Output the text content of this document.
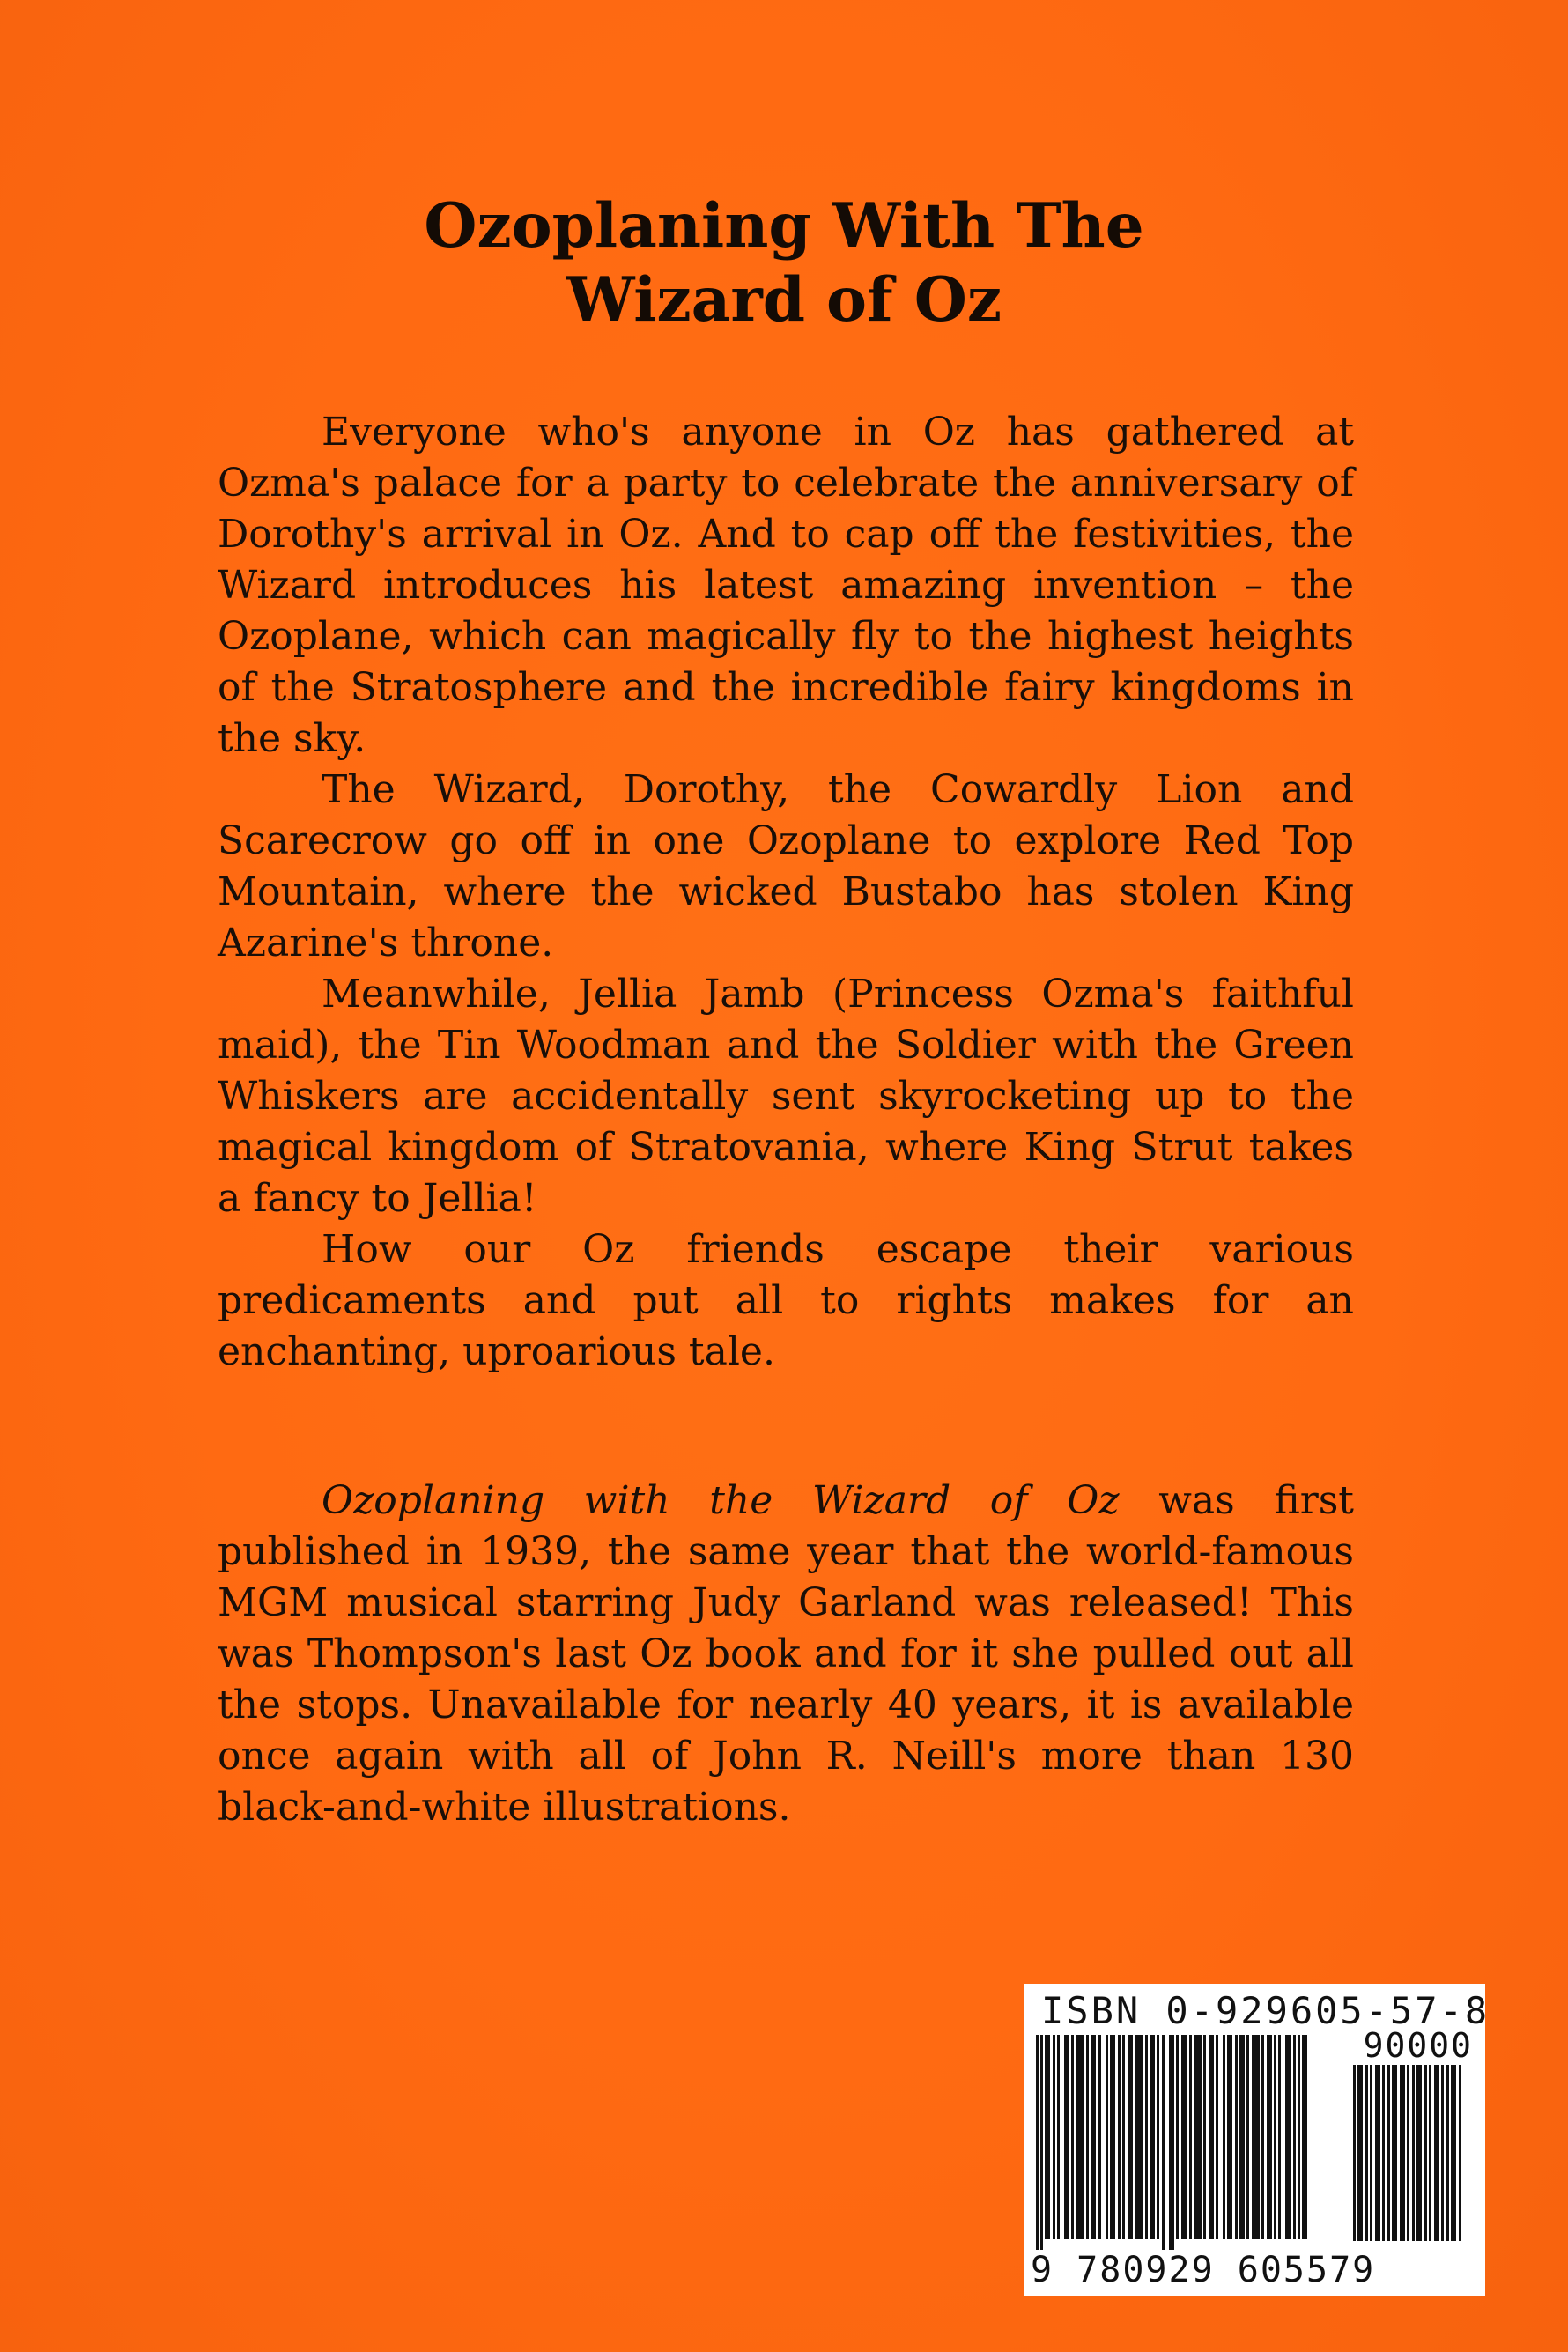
Ozoplaning With The
Wizard of Oz

Everyone who's anyone in Oz has gathered at Ozma's palace for a party to celebrate the anniversary of Dorothy's arrival in Oz. And to cap off the festivities, the Wizard introduces his latest amazing invention – the Ozoplane, which can magically fly to the highest heights of the Stratosphere and the incredible fairy kingdoms in the sky.

The Wizard, Dorothy, the Cowardly Lion and Scarecrow go off in one Ozoplane to explore Red Top Mountain, where the wicked Bustabo has stolen King Azarine's throne.

Meanwhile, Jellia Jamb (Princess Ozma's faithful maid), the Tin Woodman and the Soldier with the Green Whiskers are accidentally sent skyrocketing up to the magical kingdom of Stratovania, where King Strut takes a fancy to Jellia!

How our Oz friends escape their various predicaments and put all to rights makes for an enchanting, uproarious tale.

Ozoplaning with the Wizard of Oz was first published in 1939, the same year that the world-famous MGM musical starring Judy Garland was released! This was Thompson's last Oz book and for it she pulled out all the stops. Unavailable for nearly 40 years, it is available once again with all of John R. Neill's more than 130 black-and-white illustrations.

ISBN 0-929605-57-8
90000
9 780929 605579
